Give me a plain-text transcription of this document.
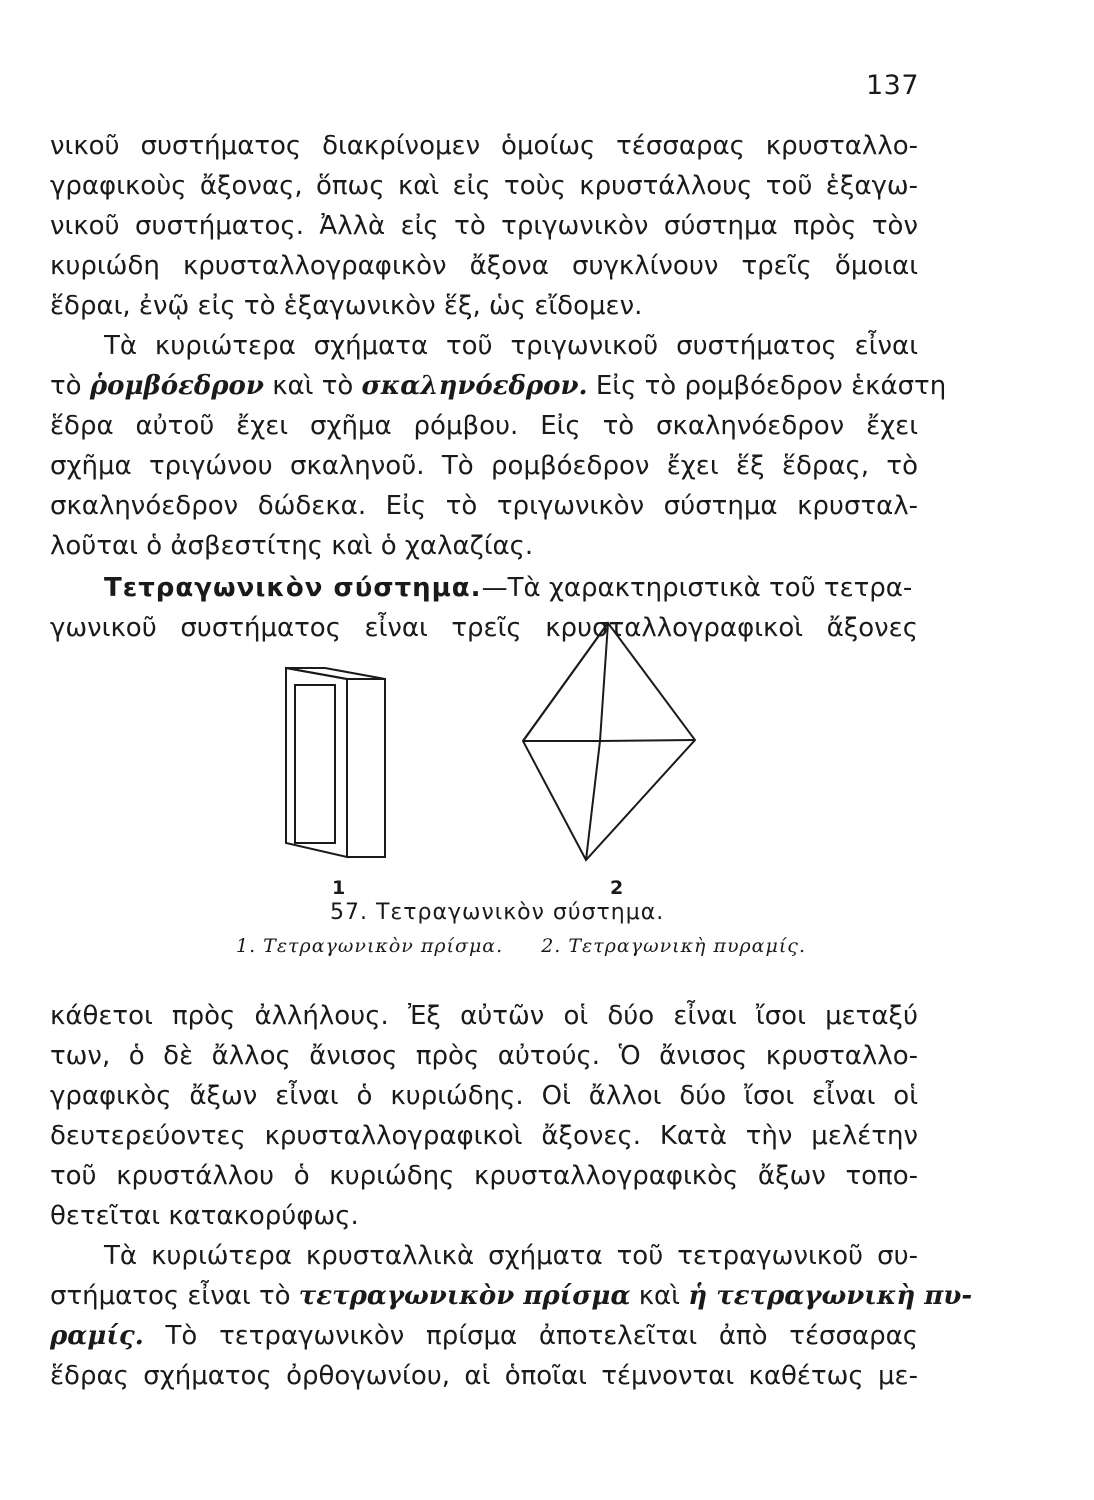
137
νικοῦ συστήματος διακρίνομεν ὁμοίως τέσσαρας κρυσταλλο-
γραφικοὺς ἄξονας, ὅπως καὶ εἰς τοὺς κρυστάλλους τοῦ ἑξαγω-
νικοῦ συστήματος. Ἀλλὰ εἰς τὸ τριγωνικὸν σύστημα πρὸς τὸν
κυριώδη κρυσταλλογραφικὸν ἄξονα συγκλίνουν τρεῖς ὅμοιαι
ἕδραι, ἐνῷ εἰς τὸ ἑξαγωνικὸν ἕξ, ὡς εἴδομεν.
Τὰ κυριώτερα σχήματα τοῦ τριγωνικοῦ συστήματος εἶναι
τὸ ῥομβόεδρον καὶ τὸ σκαληνόεδρον. Εἰς τὸ ρομβόεδρον ἑκάστη
ἕδρα αὐτοῦ ἔχει σχῆμα ρόμβου. Εἰς τὸ σκαληνόεδρον ἔχει
σχῆμα τριγώνου σκαληνοῦ. Τὸ ρομβόεδρον ἔχει ἕξ ἕδρας, τὸ
σκαληνόεδρον δώδεκα. Εἰς τὸ τριγωνικὸν σύστημα κρυσταλ-
λοῦται ὁ ἀσβεστίτης καὶ ὁ χαλαζίας.
Τετραγωνικὸν σύστημα.—Τὰ χαρακτηριστικὰ τοῦ τετρα-
γωνικοῦ συστήματος εἶναι τρεῖς κρυσταλλογραφικοὶ ἄξονες
1	2
57. Τετραγωνικὸν σύστημα.
1. Τετραγωνικὸν πρίσμα. 2. Τετραγωνικὴ πυραμίς.
κάθετοι πρὸς ἀλλήλους. Ἐξ αὐτῶν οἱ δύο εἶναι ἴσοι μεταξύ
των, ὁ δὲ ἄλλος ἄνισος πρὸς αὐτούς. Ὁ ἄνισος κρυσταλλο-
γραφικὸς ἄξων εἶναι ὁ κυριώδης. Οἱ ἄλλοι δύο ἴσοι εἶναι οἱ
δευτερεύοντες κρυσταλλογραφικοὶ ἄξονες. Κατὰ τὴν μελέτην
τοῦ κρυστάλλου ὁ κυριώδης κρυσταλλογραφικὸς ἄξων τοπο-
θετεῖται κατακορύφως.
Τὰ κυριώτερα κρυσταλλικὰ σχήματα τοῦ τετραγωνικοῦ συ-
στήματος εἶναι τὸ τετραγωνικὸν πρίσμα καὶ ἡ τετραγωνικὴ πυ-
ραμίς. Τὸ τετραγωνικὸν πρίσμα ἀποτελεῖται ἀπὸ τέσσαρας
ἕδρας σχήματος ὀρθογωνίου, αἱ ὁποῖαι τέμνονται καθέτως με-
